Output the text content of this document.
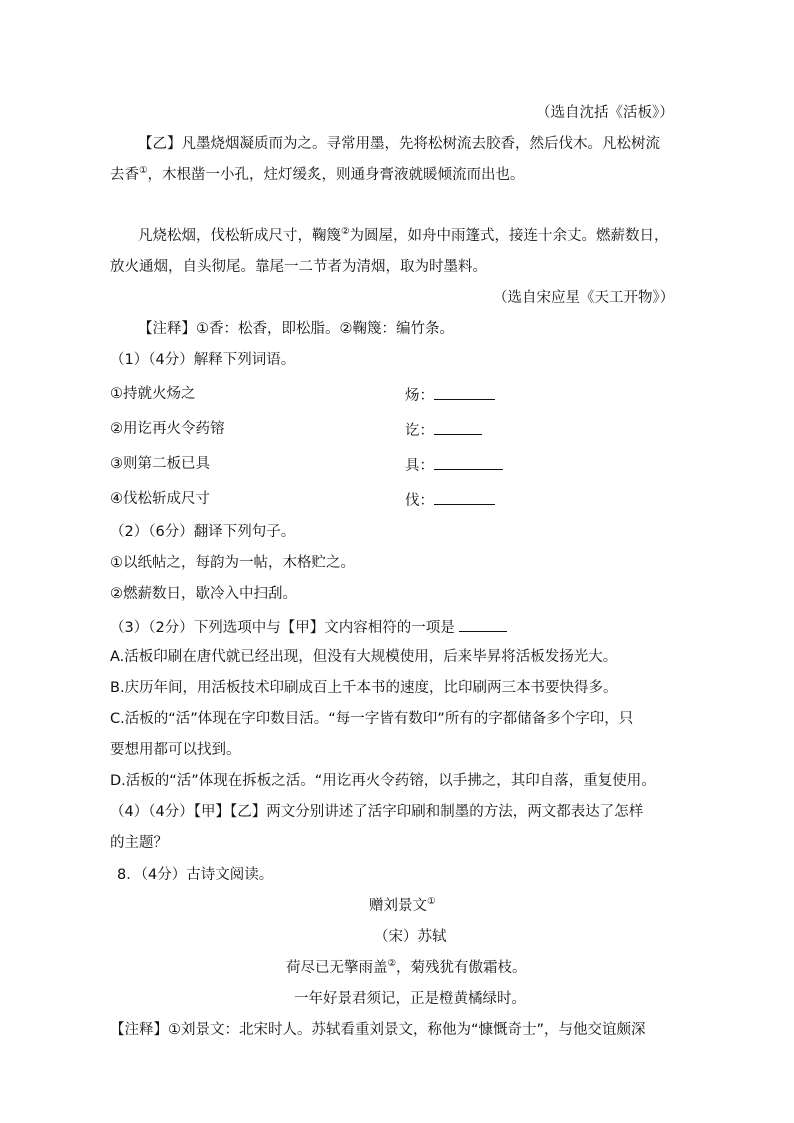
（选自沈括《活板》）
【乙】凡墨烧烟凝质而为之。寻常用墨，先将松树流去胶香，然后伐木。凡松树流
去香①，木根凿一小孔，炷灯缓炙，则通身膏液就暖倾流而出也。
凡烧松烟，伐松斩成尺寸，鞠篾②为圆屋，如舟中雨篷式，接连十余丈。燃薪数日，
放火通烟，自头彻尾。靠尾一二节者为清烟，取为时墨料。
（选自宋应星《天工开物》）
【注释】①香：松香，即松脂。②鞠篾：编竹条。
（1）（4分）解释下列词语。
①持就火炀之	炀：
②用讫再火令药镕	讫：
③则第二板已具	具：
④伐松斩成尺寸	伐：
（2）（6分）翻译下列句子。
①以纸帖之，每韵为一帖，木格贮之。
②燃薪数日，歇冷入中扫刮。
（3）（2分）下列选项中与【甲】文内容相符的一项是
A.活板印刷在唐代就已经出现，但没有大规模使用，后来毕昇将活板发扬光大。
B.庆历年间，用活板技术印刷成百上千本书的速度，比印刷两三本书要快得多。
C.活板的“活”体现在字印数目活。“每一字皆有数印”所有的字都储备多个字印，只
要想用都可以找到。
D.活板的“活”体现在拆板之活。“用讫再火令药镕，以手拂之，其印自落，重复使用。
（4）（4分）【甲】【乙】两文分别讲述了活字印刷和制墨的方法，两文都表达了怎样
的主题？
8．（4分）古诗文阅读。
赠刘景文①
（宋）苏轼
荷尽已无擎雨盖②，菊残犹有傲霜枝。
一年好景君须记，正是橙黄橘绿时。
【注释】①刘景文：北宋时人。苏轼看重刘景文，称他为“慷慨奇士”，与他交谊颇深
